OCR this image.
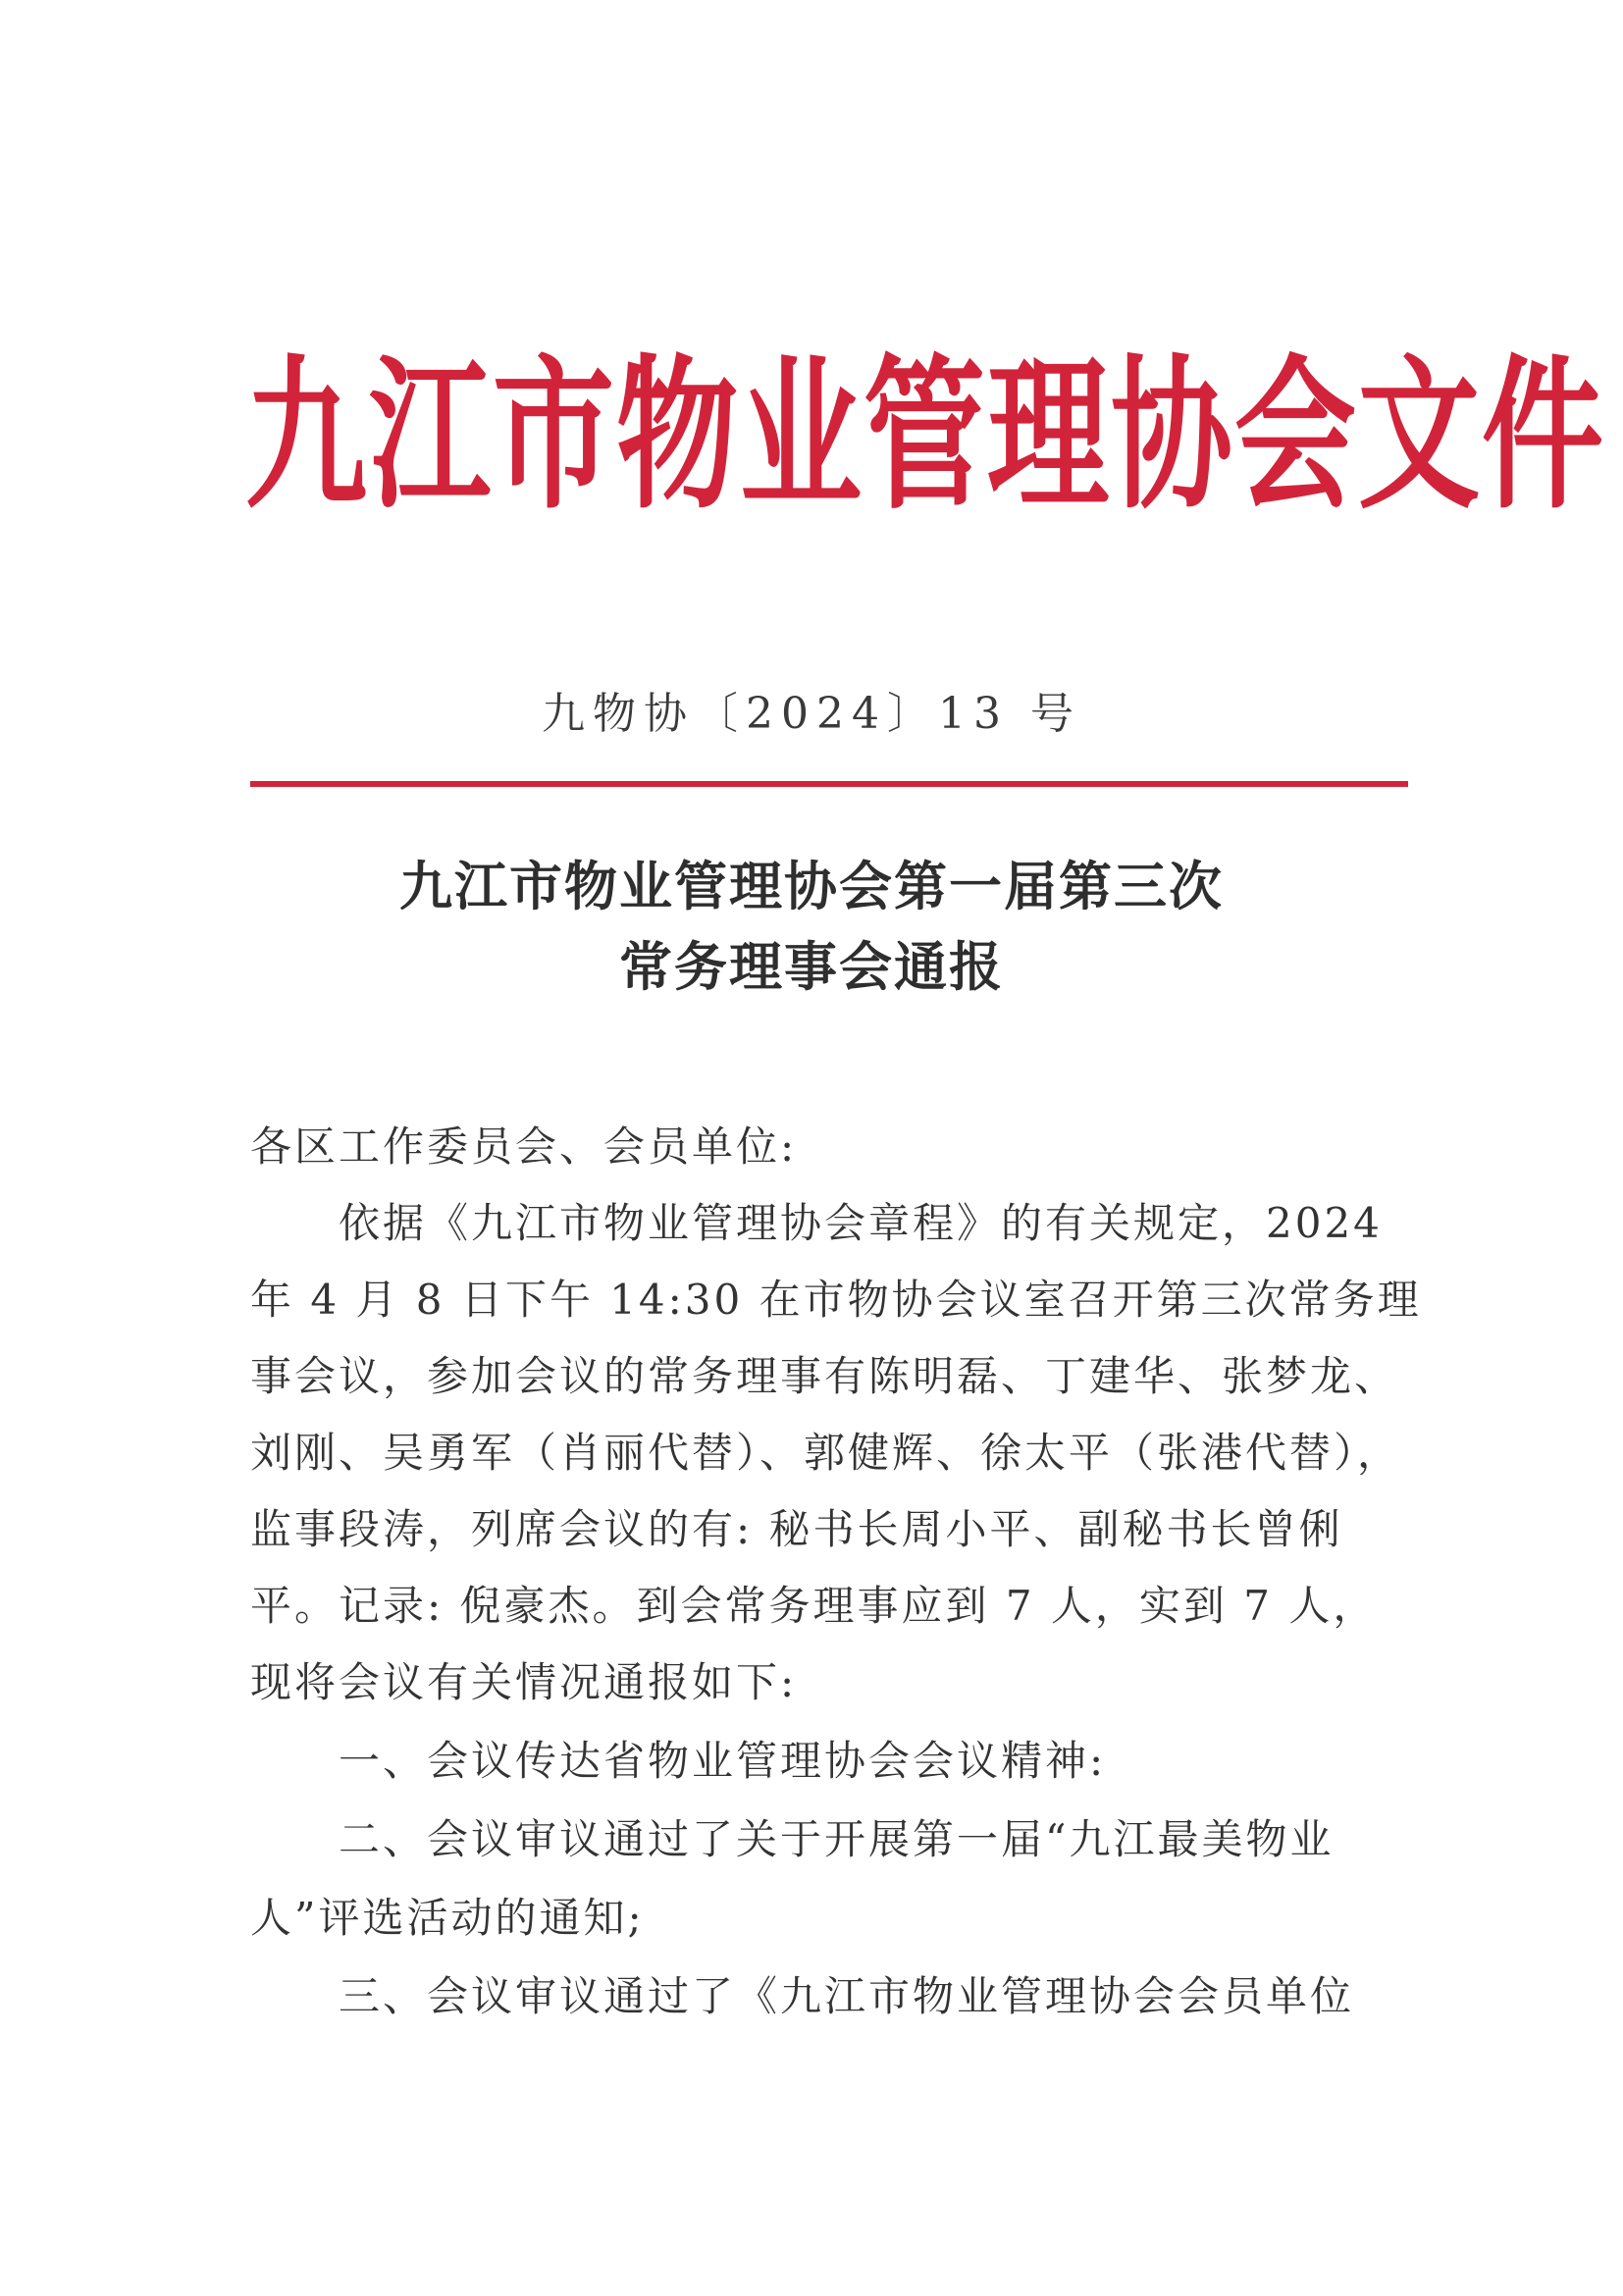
九江市物业管理协会文件
九物协〔2024〕13 号
九江市物业管理协会第一届第三次
常务理事会通报
各区工作委员会、会员单位:
依据《九江市物业管理协会章程》的有关规定，2024
年 4 月 8 日下午 14:30 在市物协会议室召开第三次常务理
事会议，参加会议的常务理事有陈明磊、丁建华、张梦龙、
刘刚、吴勇军（肖丽代替）、郭健辉、徐太平（张港代替），
监事段涛，列席会议的有: 秘书长周小平、副秘书长曾俐
平。记录: 倪豪杰。到会常务理事应到 7 人，实到 7 人，
现将会议有关情况通报如下:
一、会议传达省物业管理协会会议精神:
二、会议审议通过了关于开展第一届“九江最美物业
人”评选活动的通知;
三、会议审议通过了《九江市物业管理协会会员单位
